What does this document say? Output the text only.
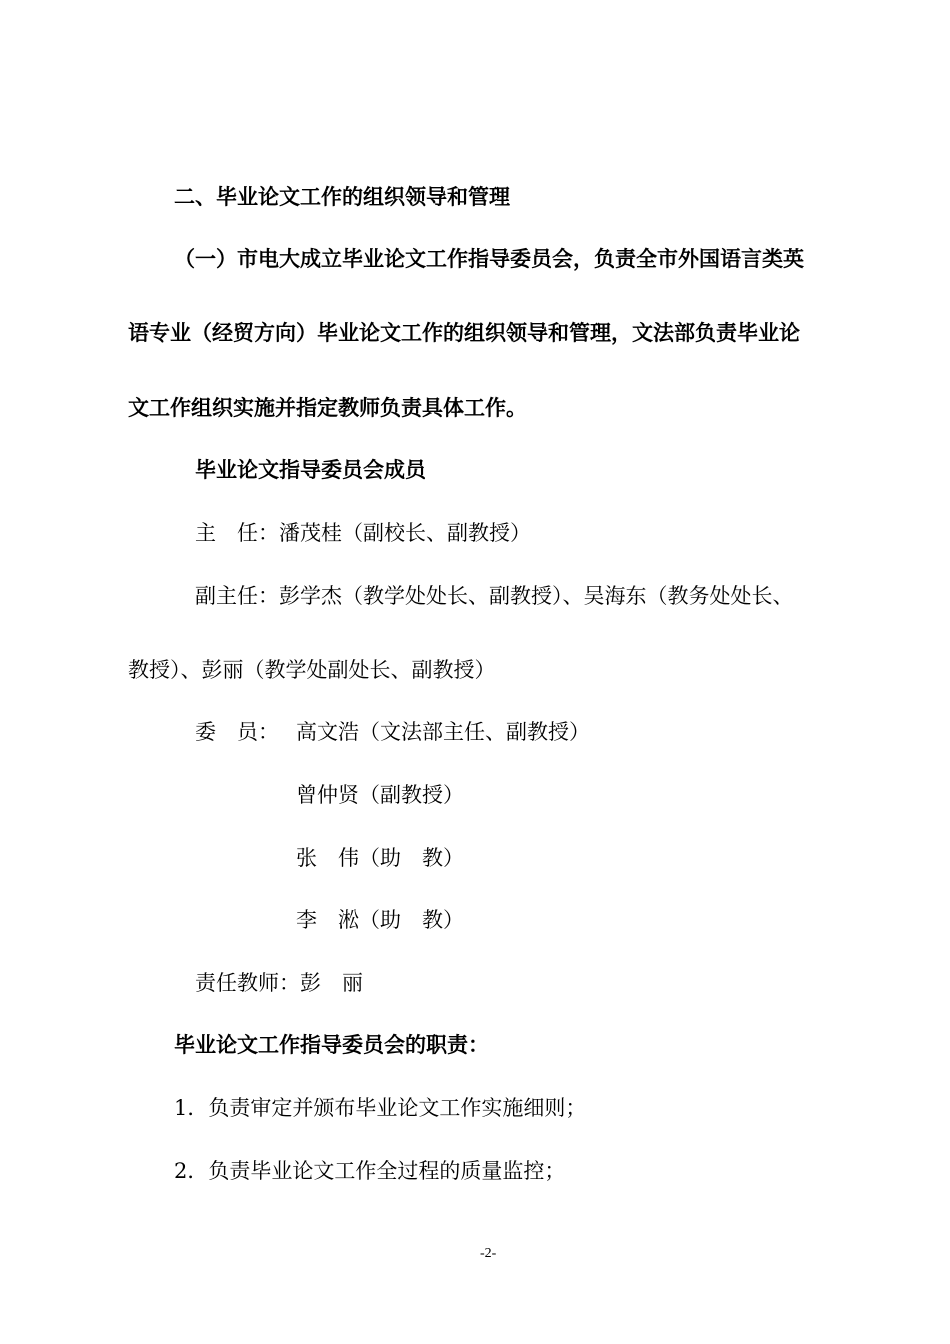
二、毕业论文工作的组织领导和管理
（一）市电大成立毕业论文工作指导委员会，负责全市外国语言类英
语专业（经贸方向）毕业论文工作的组织领导和管理，文法部负责毕业论
文工作组织实施并指定教师负责具体工作。
毕业论文指导委员会成员
主　任：潘茂桂（副校长、副教授）
副主任：彭学杰（教学处处长、副教授）、吴海东（教务处处长、
教授）、彭丽（教学处副处长、副教授）
委　员： 高文浩（文法部主任、副教授）
曾仲贤（副教授）
张　伟（助　教）
李　淞（助　教）
责任教师：彭　丽
毕业论文工作指导委员会的职责：
1．负责审定并颁布毕业论文工作实施细则；
2．负责毕业论文工作全过程的质量监控；
-2-
